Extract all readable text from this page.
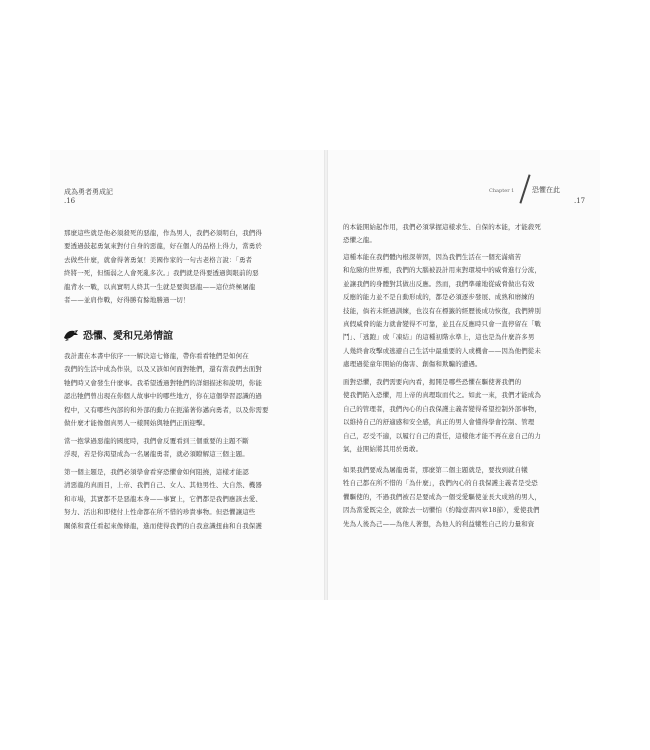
成為勇者勇成記
.16
Chapter 1	恐懼在此
.17

那麼這些就是他必須殺死的惡龍，作為男人，我們必須明白，我們得

要透過鼓起勇氣來對付自身的惡龍，好在個人的品格上得力，當勇於

去做些什麼，就會得著勇氣！美國作家的一句古老格言說：「勇者

終將一死，但懦弱之人會死亂多次。」我們就是得要透過與眼前的惡

龍背水一戰，以真實明人終其一生就是要與惡龍——這位終極屠龍

者——並肩作戰，好得勝有餘地勝過一切！

恐懼、愛和兄弟情誼

我計畫在本書中依序一一解決這七條龍，帶你看看牠們是如何在

我們的生活中成為作祟，以及又該如何面對牠們，還有當我們去面對

牠們時又會發生什麼事。我希望透過對牠們的詳細描述和說明，你能

認出牠們曾出現在你個人故事中的哪些地方，你在這個學習認識的過

程中，又有哪些內部的和外部的動力在扼滿著你邁向勇者，以及你需要

做什麼才能像個真男人一樣開始與牠們正面迎擊。

當一抱掌過惡龍的國度時，我們會反覆看到三個重要的主題不斷

浮現，若是你渴望成為一名屠龍勇者，就必須瞭解這三個主題。

第一個主題是，我們必須學會看穿恐懼會如何阻撓，這樣才能認

清惡龍的真面目，上帝、我們自己、女人、其他男性、大自然、機器

和市場，其實都不是惡龍本身——事實上，它們都是我們應該去愛、

努力、活出和即使付上性命都在所不惜的珍貴事物。但恐懼讓這些

關係和責任看起來像條龍，進而使得我們的自我意識扭曲和自我保護

的本能開始起作用，我們必須掌握這樣求生、自保的本能，才能殺死

恐懼之龍。

這種本能在我們體內根深蒂固，因為我們生活在一個充滿痛苦

和危險的世界裡，我們的大腦被設計用來對環境中的威脅進行分流，

並讓我們的身體對其做出反應。然而，我們準確地從威脅做出有效

反應的能力並不是自動形成的，都是必須逐步發展、成熟和磨練的

技能，倘若未經過訓練，也沒有在標籤的經歷後成功恢復，我們辨別

真假威脅的能力就會變得不可靠，並且在反應時只會一直停留在「戰

鬥」、「逃跑」或「凍結」的這種初階水準上，這也是為什麼許多男

人幾終會攻擊或逃避自己生活中最重要的人或機會——因為他們從未

處理過從童年開始的傷害、創傷和欺騙的遭遇。

面對恐懼，我們需要向內看，揭開是哪些恐懼在驅使著我們的

使我們陷入恐懼，用上帝的真理取而代之。如此一來，我們才能成為

自己的管理者，我們內心的自我保護主義者變得希望控制外部事物，

以維持自己的舒適感和安全感，真正的男人會懂得學會控制、管理

自己，忍受不適，以履行自己的責任，這樣他才能不再在意自己的力

氣，並開始將其用於勇敢。

如果我們要成為屠龍勇者，那麼第二個主題就是，要找到就自犧

牲自己都在所不惜的「為什麼」，我們內心的自我保護主義者是受恐

懼驅使的，不過我們被召是要成為一個受愛驅使並長大成熟的男人，

因為當愛既完全，就除去一切懼怕（約翰壹書四章18節），愛使我們

先為人後為己——為他人著想，為他人的利益犧牲自己的力量和資
